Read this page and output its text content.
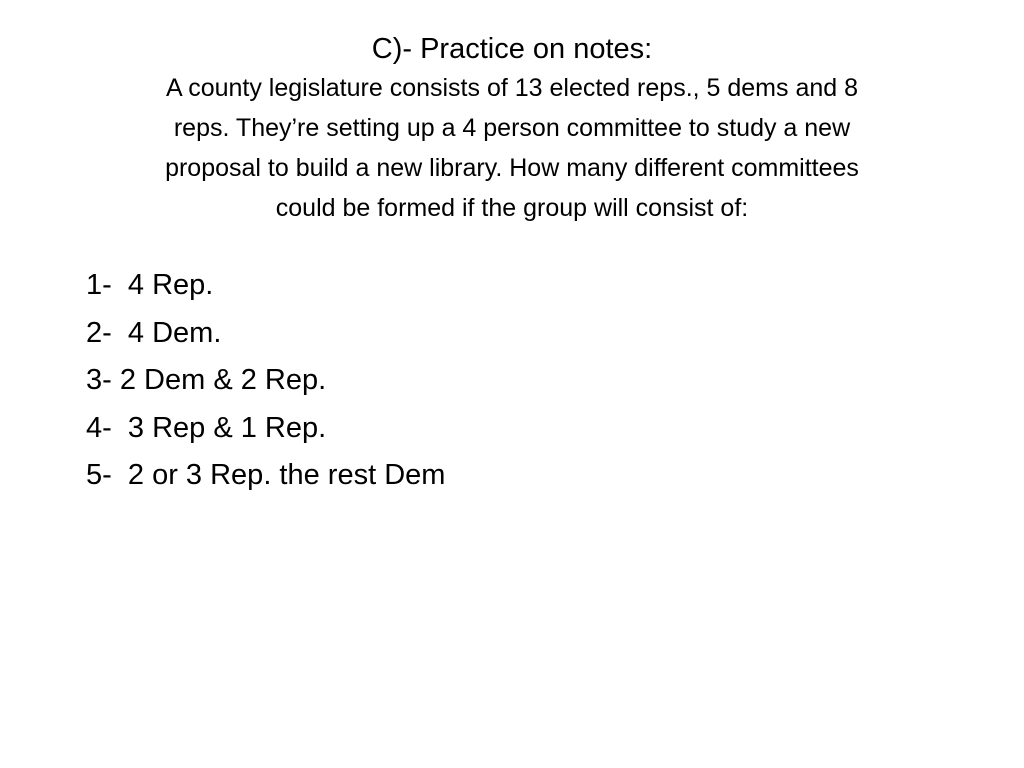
C)- Practice on notes:
A county legislature consists of 13 elected reps., 5 dems and 8
reps. They’re setting up a 4 person committee to study a new
proposal to build a new library. How many different committees
could be formed if the group will consist of:
1-  4 Rep.
2-  4 Dem.
3- 2 Dem & 2 Rep.
4-  3 Rep & 1 Rep.
5-  2 or 3 Rep. the rest Dem
